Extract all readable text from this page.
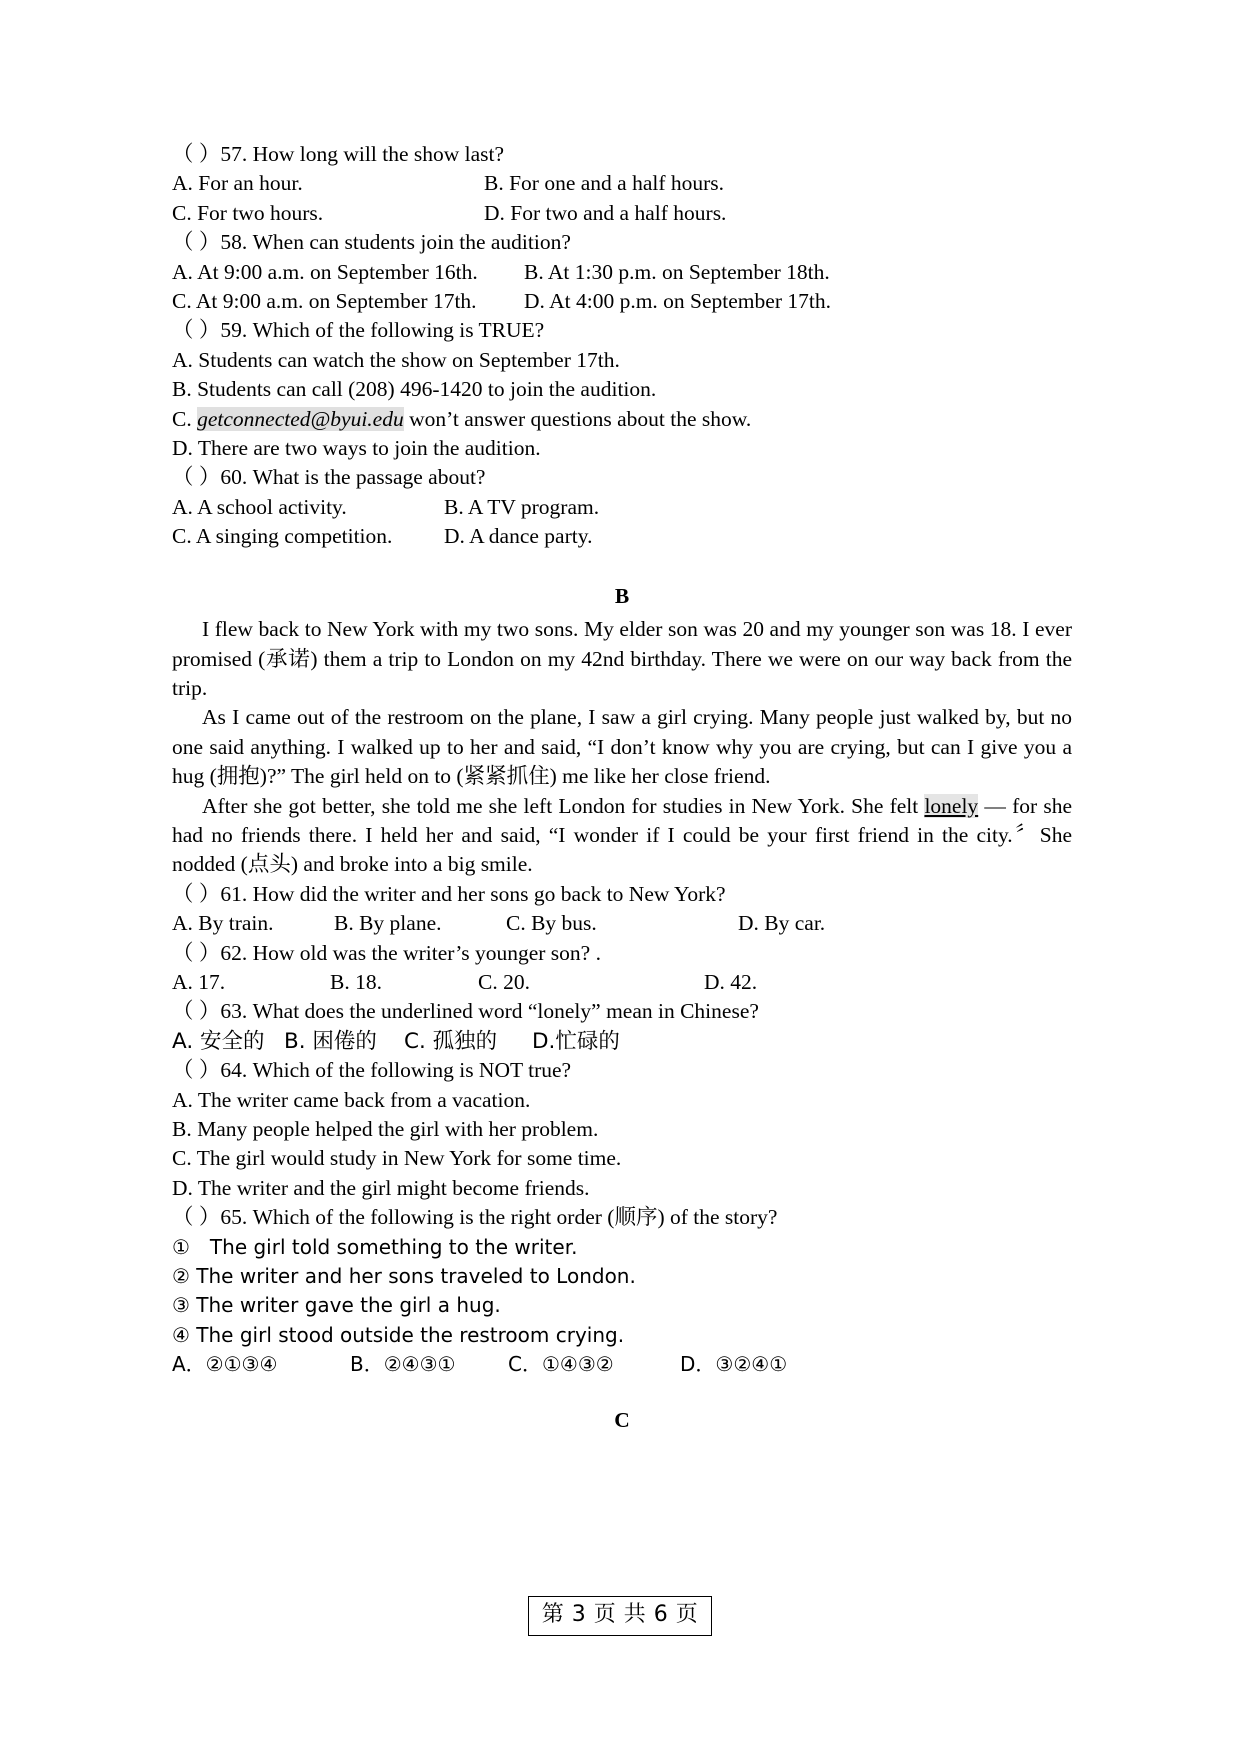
（ ）57. How long will the show last?
A. For an hour.	B. For one and a half hours.
C. For two hours.	D. For two and a half hours.
（ ）58. When can students join the audition?
A. At 9:00 a.m. on September 16th. B. At 1:30 p.m. on September 18th.
C. At 9:00 a.m. on September 17th. D. At 4:00 p.m. on September 17th.
（ ）59. Which of the following is TRUE?
A. Students can watch the show on September 17th.
B. Students can call (208) 496-1420 to join the audition.
C. getconnected@byui.edu won’t answer questions about the show.
D. There are two ways to join the audition.
（ ）60. What is the passage about?
A. A school activity.	B. A TV program.
C. A singing competition. D. A dance party.
B

I flew back to New York with my two sons. My elder son was 20 and my younger son was 18. I ever promised (承诺) them a trip to London on my 42nd birthday. There we were on our way back from the trip.

As I came out of the restroom on the plane, I saw a girl crying. Many people just walked by, but no one said anything. I walked up to her and said, “I don’t know why you are crying, but can I give you a hug (拥抱)?” The girl held on to (紧紧抓住) me like her close friend.

After she got better, she told me she left London for studies in New York. She felt lonely — for she had no friends there. I held her and said, “I wonder if I could be your first friend in the city.〞She nodded (点头) and broke into a big smile.

（ ）61. How did the writer and her sons go back to New York?
A. By train.	B. By plane.	C. By bus.	D. By car.
（ ）62. How old was the writer’s younger son? .
A. 17.	B. 18.	C. 20.	D. 42.
（ ）63. What does the underlined word “lonely” mean in Chinese?
A. 安全的 B. 困倦的 C. 孤独的 D.忙碌的
（ ）64. Which of the following is NOT true?
A. The writer came back from a vacation.
B. Many people helped the girl with her problem.
C. The girl would study in New York for some time.
D. The writer and the girl might become friends.
（ ）65. Which of the following is the right order (顺序) of the story?
①　The girl told something to the writer.
② The writer and her sons traveled to London.
③ The writer gave the girl a hug.
④ The girl stood outside the restroom crying.
A．②①③④	B．②④③①	C．①④③②	D．③②④①
C
第 3 页 共 6 页
